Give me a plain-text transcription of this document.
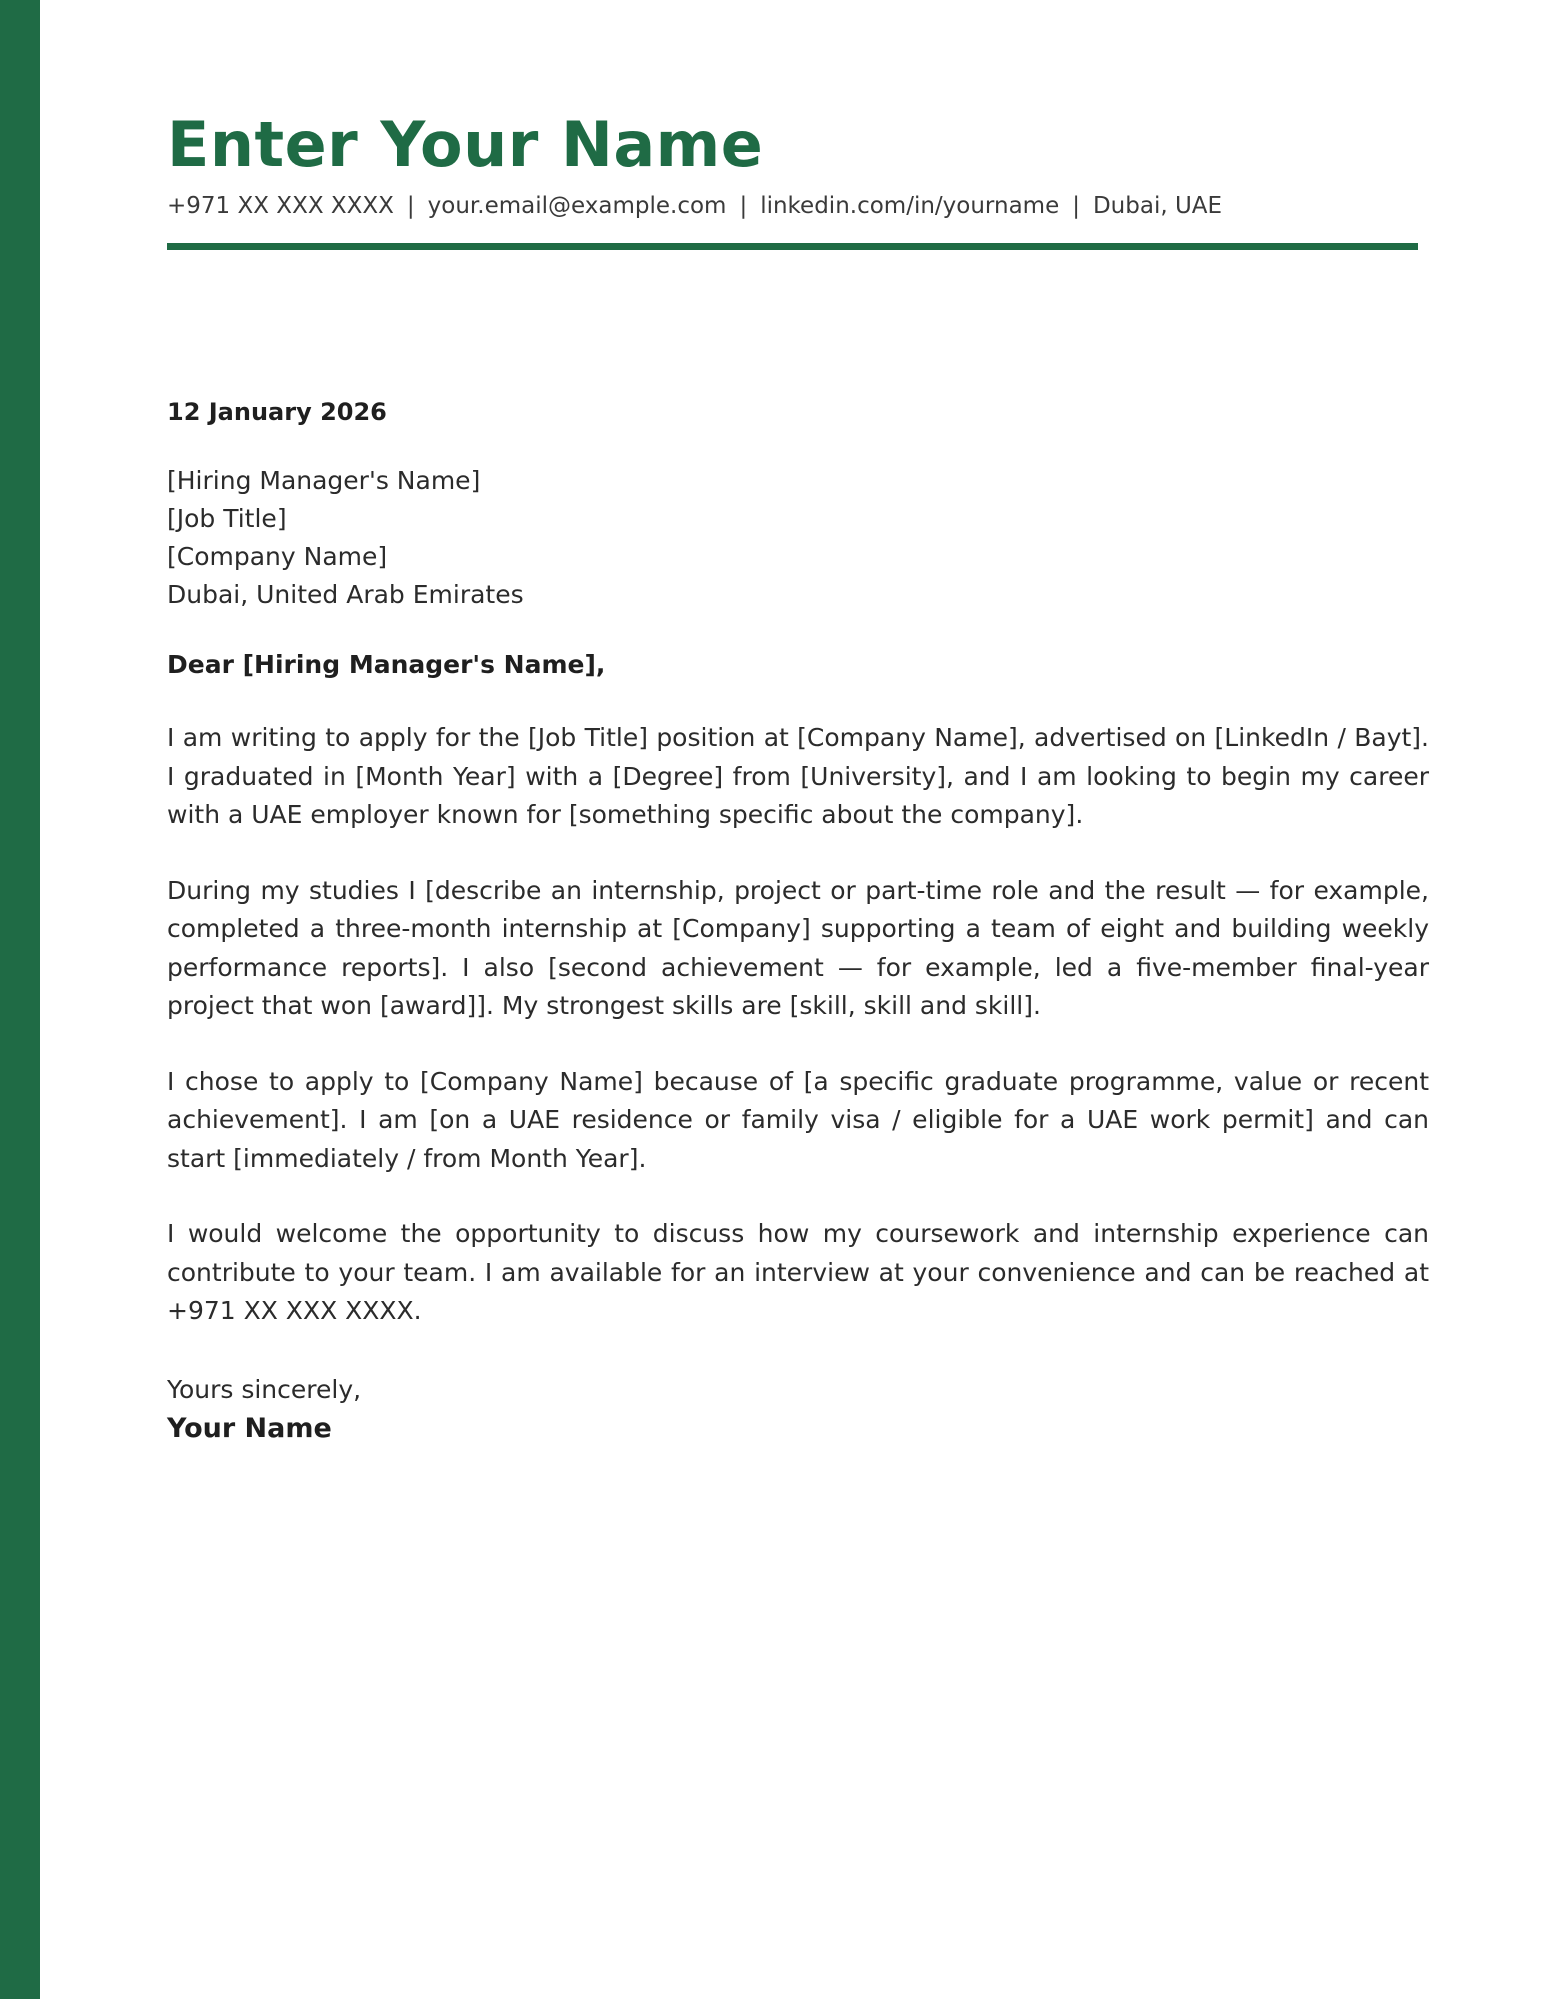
Enter Your Name
+971 XX XXX XXXX | your.email@example.com | linkedin.com/in/yourname | Dubai, UAE
12 January 2026
[Hiring Manager's Name]
[Job Title]
[Company Name]
Dubai, United Arab Emirates
Dear [Hiring Manager's Name],

I am writing to apply for the [Job Title] position at [Company Name], advertised on [LinkedIn / Bayt]. I graduated in [Month Year] with a [Degree] from [University], and I am looking to begin my career with a UAE employer known for [something specific about the company].

During my studies I [describe an internship, project or part-time role and the result — for example, completed a three-month internship at [Company] supporting a team of eight and building weekly performance reports]. I also [second achievement — for example, led a five-member final-year project that won [award]]. My strongest skills are [skill, skill and skill].

I chose to apply to [Company Name] because of [a specific graduate programme, value or recent achievement]. I am [on a UAE residence or family visa / eligible for a UAE work permit] and can start [immediately / from Month Year].

I would welcome the opportunity to discuss how my coursework and internship experience can contribute to your team. I am available for an interview at your convenience and can be reached at +971 XX XXX XXXX.

Yours sincerely,
Your Name
